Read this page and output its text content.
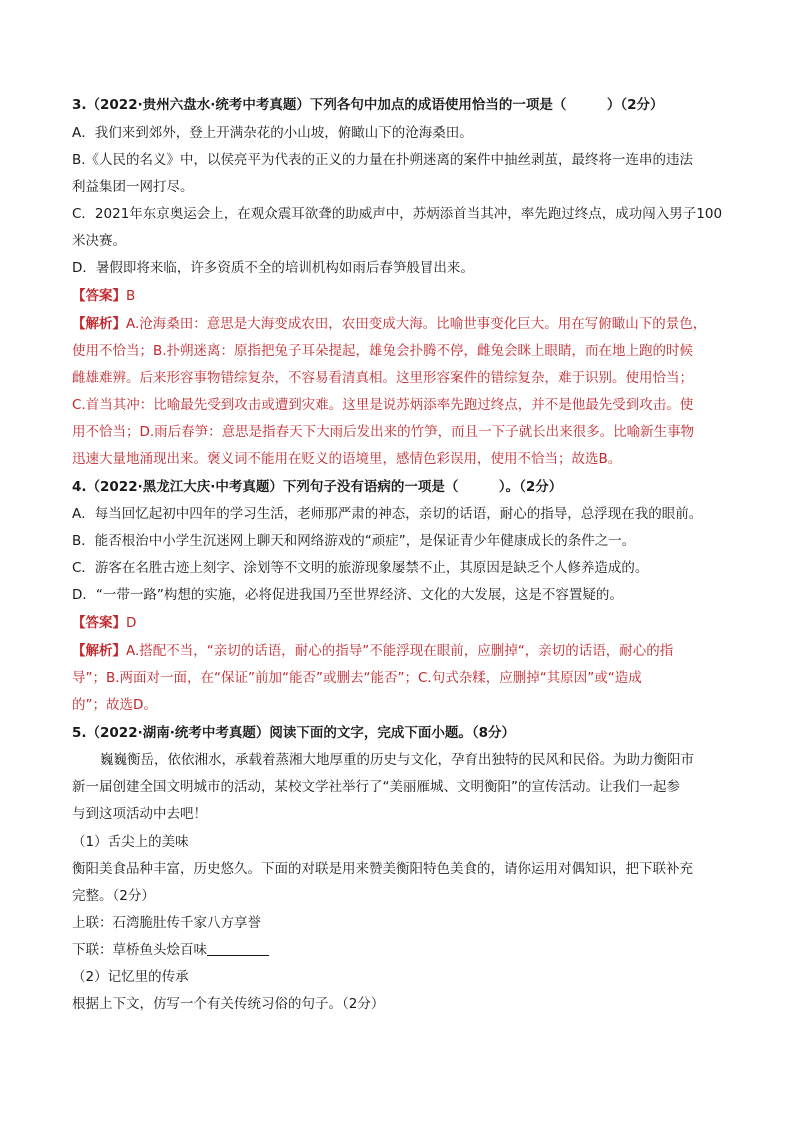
3.（2022·贵州六盘水·统考中考真题）下列各句中加点的成语使用恰当的一项是（　　　）（2分）
A．我们来到郊外，登上开满杂花的小山坡，俯瞰山下的沧海桑田。
B.《人民的名义》中，以侯亮平为代表的正义的力量在扑朔迷离的案件中抽丝剥茧，最终将一连串的违法
利益集团一网打尽。
C．2021年东京奥运会上，在观众震耳欲聋的助威声中，苏炳添首当其冲，率先跑过终点，成功闯入男子100
米决赛。
D．暑假即将来临，许多资质不全的培训机构如雨后春笋般冒出来。
【答案】B
【解析】A.沧海桑田：意思是大海变成农田，农田变成大海。比喻世事变化巨大。用在写俯瞰山下的景色，
使用不恰当；B.扑朔迷离：原指把兔子耳朵提起，雄兔会扑腾不停，雌兔会眯上眼睛，而在地上跑的时候
雌雄难辨。后来形容事物错综复杂，不容易看清真相。这里形容案件的错综复杂，难于识别。使用恰当；
C.首当其冲：比喻最先受到攻击或遭到灾难。这里是说苏炳添率先跑过终点，并不是他最先受到攻击。使
用不恰当；D.雨后春笋：意思是指春天下大雨后发出来的竹笋，而且一下子就长出来很多。比喻新生事物
迅速大量地涌现出来。褒义词不能用在贬义的语境里，感情色彩误用，使用不恰当；故选B。
4.（2022·黑龙江大庆·中考真题）下列句子没有语病的一项是（　　　）。（2分）
A．每当回忆起初中四年的学习生活，老师那严肃的神态，亲切的话语，耐心的指导，总浮现在我的眼前。
B．能否根治中小学生沉迷网上聊天和网络游戏的“顽症”，是保证青少年健康成长的条件之一。
C．游客在名胜古迹上刻字、涂划等不文明的旅游现象屡禁不止，其原因是缺乏个人修养造成的。
D．“一带一路”构想的实施，必将促进我国乃至世界经济、文化的大发展，这是不容置疑的。
【答案】D
【解析】A.搭配不当，“亲切的话语，耐心的指导”不能浮现在眼前，应删掉“，亲切的话语，耐心的指
导”；B.两面对一面，在“保证”前加“能否”或删去“能否”；C.句式杂糅，应删掉“其原因”或“造成
的”；故选D。
5.（2022·湖南·统考中考真题）阅读下面的文字，完成下面小题。（8分）
巍巍衡岳，依依湘水，承载着蒸湘大地厚重的历史与文化，孕育出独特的民风和民俗。为助力衡阳市
新一届创建全国文明城市的活动，某校文学社举行了“美丽雁城、文明衡阳”的宣传活动。让我们一起参
与到这项活动中去吧！
（1）舌尖上的美味
衡阳美食品种丰富，历史悠久。下面的对联是用来赞美衡阳特色美食的，请你运用对偶知识，把下联补充
完整。（2分）
上联：石湾脆肚传千家八方享誉
下联：草桥鱼头烩百味
（2）记忆里的传承
根据上下文，仿写一个有关传统习俗的句子。（2分）
